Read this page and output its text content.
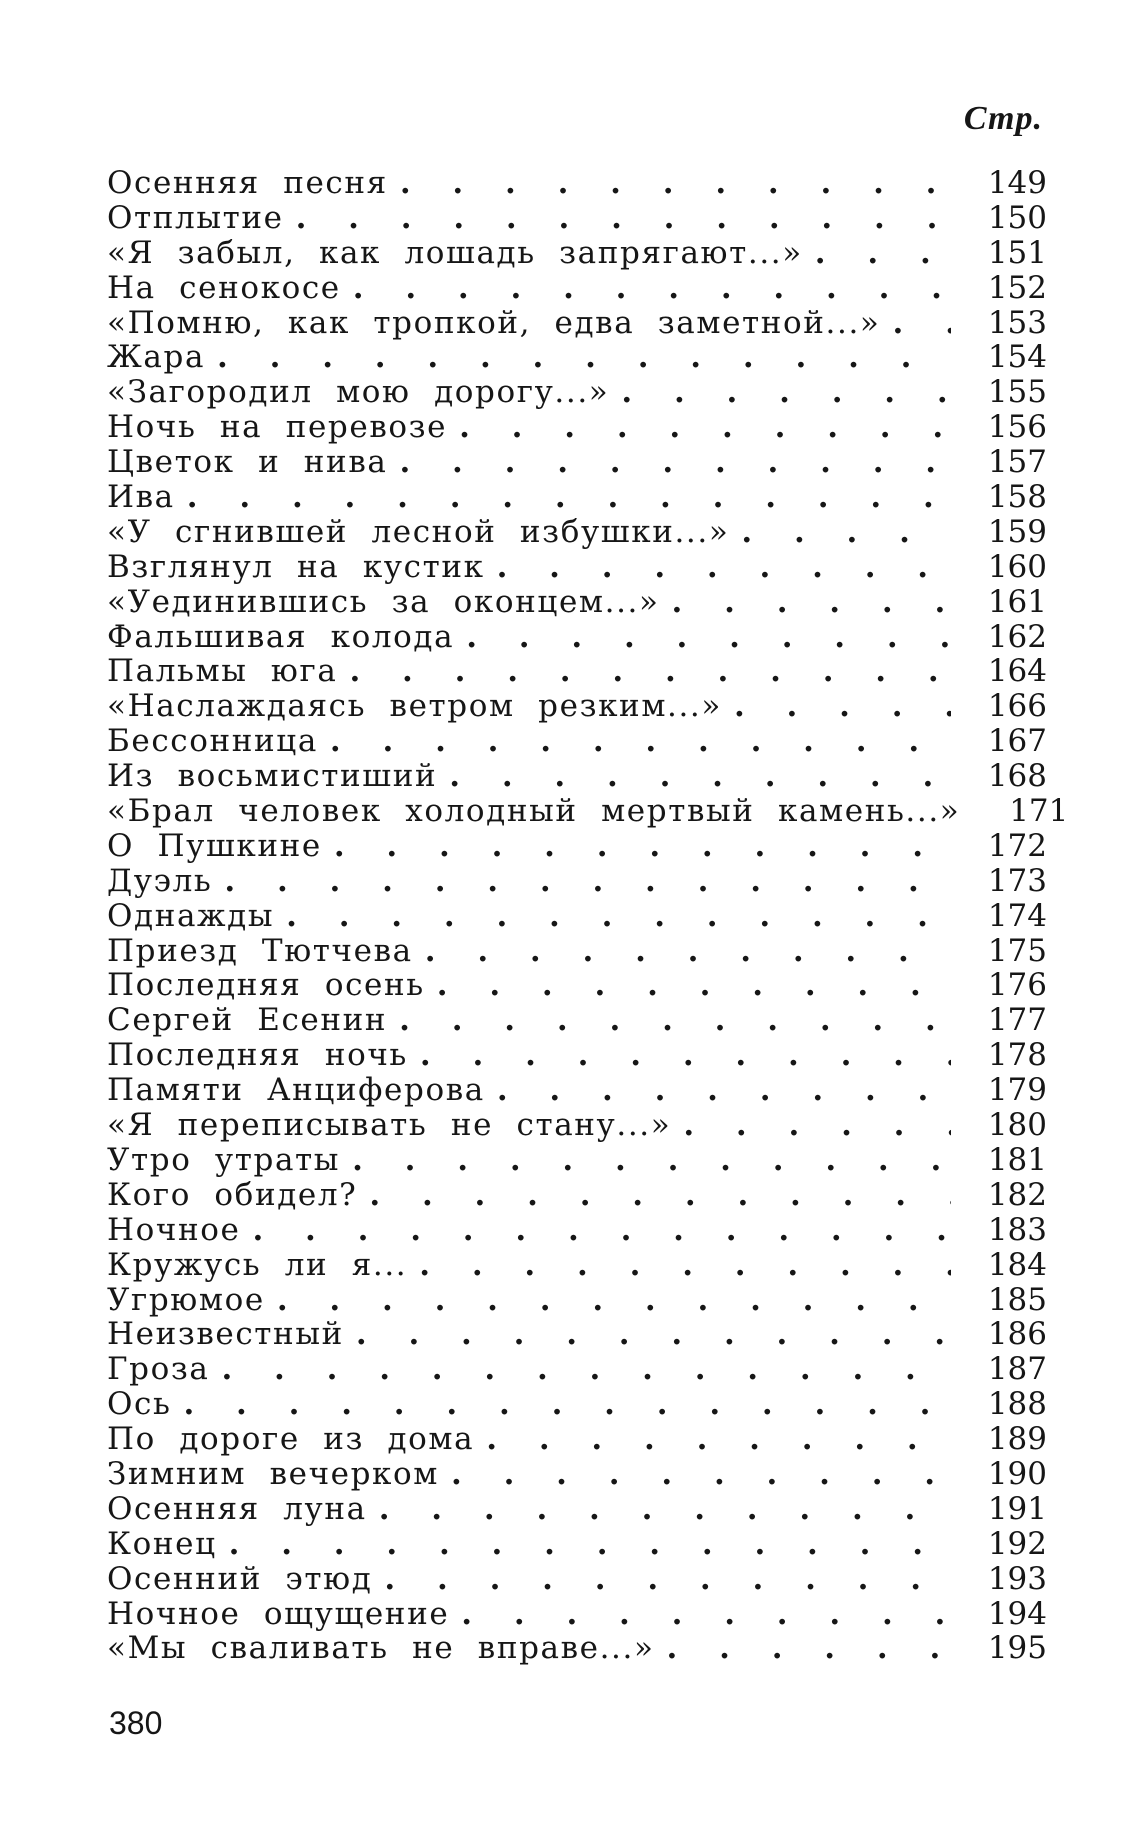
Стр.
Осенняя песня . . .	149
Отплытие . . .	150
«Я забыл, как лошадь запрягают...» . . .	151
На сенокосе . . .	152
«Помню, как тропкой, едва заметной...» . . .	153
Жара . . .	154
«Загородил мою дорогу...» . . .	155
Ночь на перевозе . . .	156
Цветок и нива . . .	157
Ива . . .	158
«У сгнившей лесной избушки...» . . .	159
Взглянул на кустик . . .	160
«Уединившись за оконцем...» . . .	161
Фальшивая колода . . .	162
Пальмы юга . . .	164
«Наслаждаясь ветром резким...» . . .	166
Бессонница . . .	167
Из восьмистиший . . .	168
«Брал человек холодный мертвый камень...» . . . 171
О Пушкине . . .	172
Дуэль . . .	173
Однажды . . .	174
Приезд Тютчева . . .	175
Последняя осень . . .	176
Сергей Есенин . . .	177
Последняя ночь . . .	178
Памяти Анциферова . . .	179
«Я переписывать не стану...» . . .	180
Утро утраты . . .	181
Кого обидел? . . .	182
Ночное . . .	183
Кружусь ли я... . . .	184
Угрюмое . . .	185
Неизвестный . . .	186
Гроза . . .	187
Ось . . .	188
По дороге из дома . . .	189
Зимним вечерком . . .	190
Осенняя луна . . .	191
Конец . . .	192
Осенний этюд . . .	193
Ночное ощущение . . .	194
«Мы сваливать не вправе...» . . .	195
380
